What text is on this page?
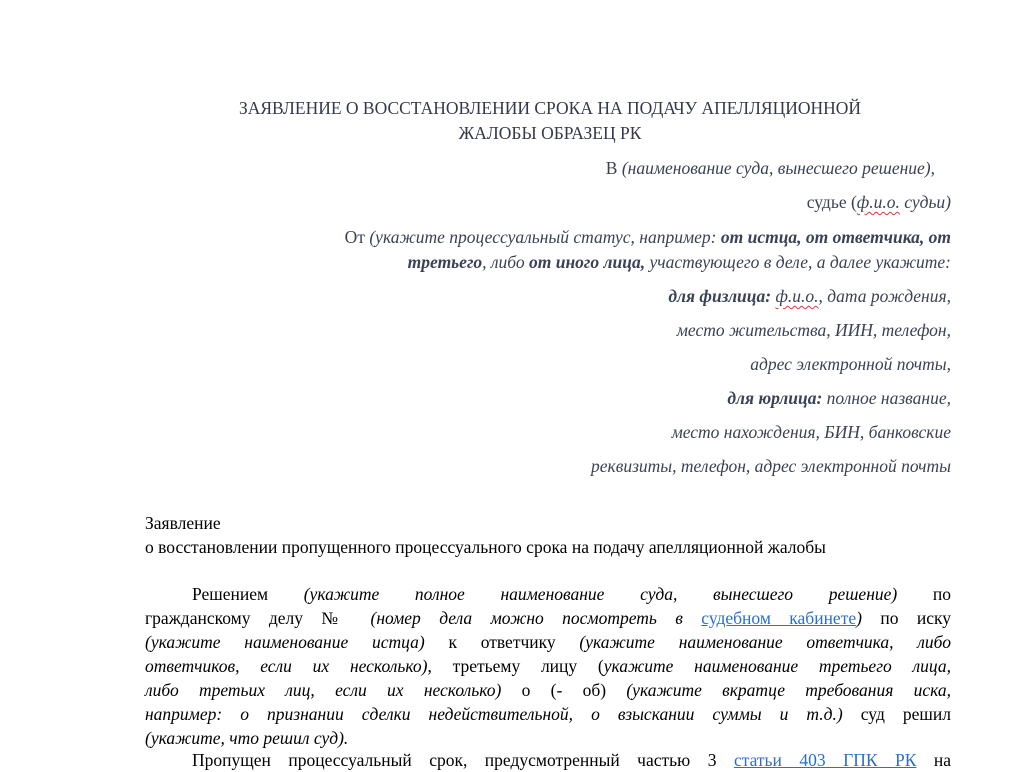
ЗАЯВЛЕНИЕ О ВОССТАНОВЛЕНИИ СРОКА НА ПОДАЧУ АПЕЛЛЯЦИОННОЙ
ЖАЛОБЫ ОБРАЗЕЦ РК
В (наименование суда, вынесшего решение),
судье (ф.и.о. судьи)
От (укажите процессуальный статус, например: от истца, от ответчика, от
третьего, либо от иного лица, участвующего в деле, а далее укажите:
для физлица: ф.и.о., дата рождения,
место жительства, ИИН, телефон,
адрес электронной почты,
для юрлица: полное название,
место нахождения, БИН, банковские
реквизиты, телефон, адрес электронной почты
Заявление
о восстановлении пропущенного процессуального срока на подачу апелляционной жалобы
Решением (укажите полное наименование суда, вынесшего решение) по
гражданскому делу № (номер дела можно посмотреть в судебном кабинете) по иску
(укажите наименование истца) к ответчику (укажите наименование ответчика, либо
ответчиков, если их несколько), третьему лицу (укажите наименование третьего лица,
либо третьих лиц, если их несколько) о (- об) (укажите вкратце требования иска,
например: о признании сделки недействительной, о взыскании суммы и т.д.) суд решил
(укажите, что решил суд).
Пропущен процессуальный срок, предусмотренный частью 3 статьи 403 ГПК РК на
